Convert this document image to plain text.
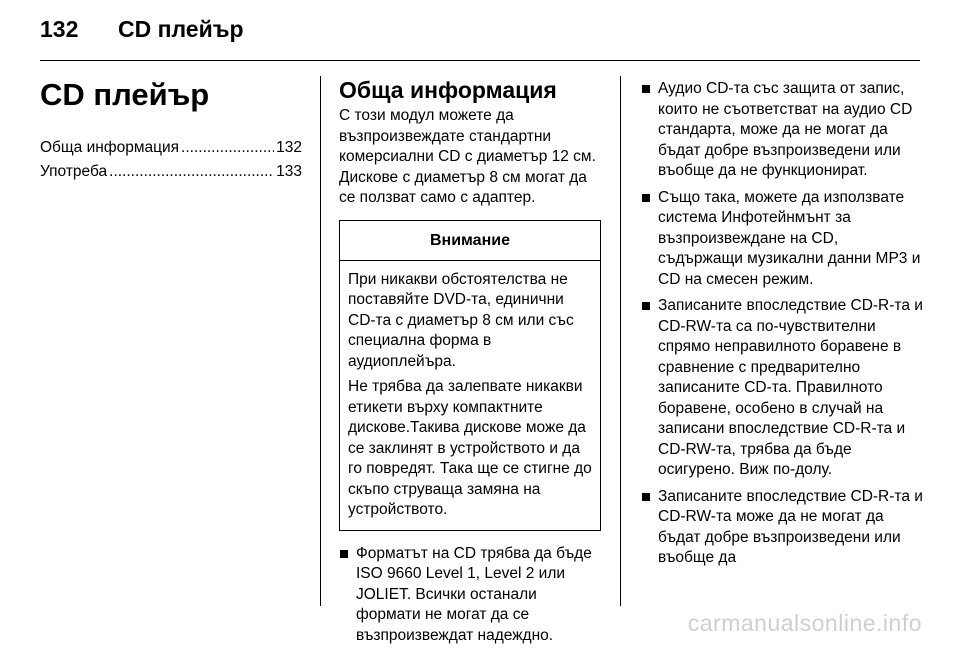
132 CD плейър
CD плейър
Обща информация .....	132
Употреба .....	133
Обща информация

С този модул можете да възпроизвеждате стандартни комерсиални CD с диаметър 12 см. Дискове с диаметър 8 см могат да се ползват само с адаптер.

Внимание

При никакви обстоятелства не поставяйте DVD-та, единични CD-та с диаметър 8 см или със специална форма в аудиоплейъра.

Не трябва да залепвате никакви етикети върху компактните дискове.Такива дискове може да се заклинят в устройството и да го повредят. Така ще се стигне до скъпо струваща замяна на устройството.

Форматът на CD трябва да бъде ISO 9660 Level 1, Level 2 или JOLIET. Всички останали формати не могат да се възпроизвеждат надеждно.
Аудио CD-та със защита от запис, които не съответстват на аудио CD стандарта, може да не могат да бъдат добре възпроизведени или въобще да не функционират.
Също така, можете да използвате система Инфотейнмънт за възпроизвеждане на CD, съдържащи музикални данни MP3 и CD на смесен режим.
Записаните впоследствие CD-R-та и CD-RW-та са по-чувствителни спрямо неправилното боравене в сравнение с предварително записаните CD-та. Правилното боравене, особено в случай на записани впоследствие CD-R-та и CD-RW-та, трябва да бъде осигурено. Виж по-долу.
Записаните впоследствие CD-R-та и CD-RW-та може да не могат да бъдат добре възпроизведени или въобще да
carmanualsonline.info
